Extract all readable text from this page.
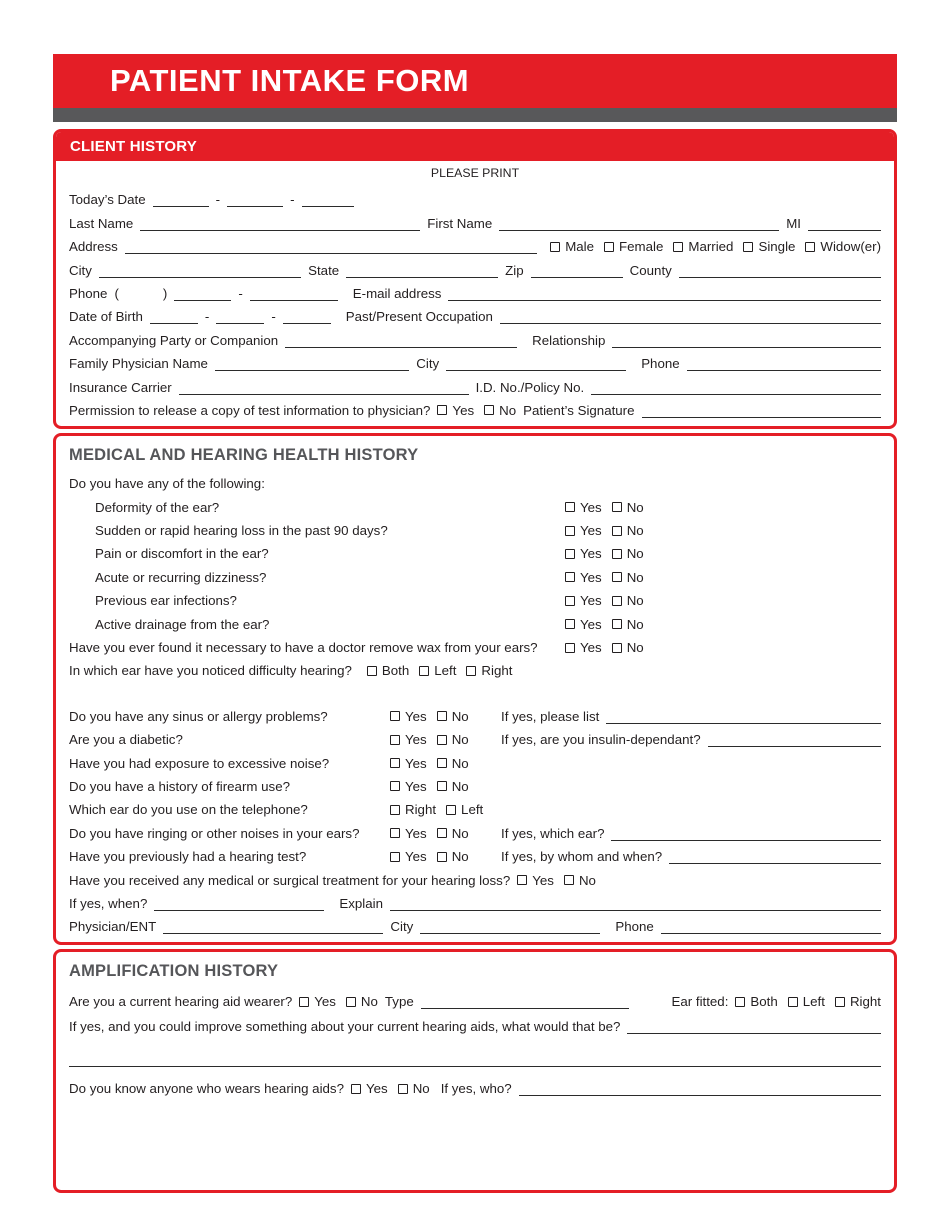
PATIENT INTAKE FORM
CLIENT HISTORY
PLEASE PRINT
Today’s Date	-	-
Last Name	First Name	MI
Address	Male Female Married Single Widow(er)
City	State	Zip	County
Phone (	)	-	E-mail address
Date of Birth	-	-	Past/Present Occupation
Accompanying Party or Companion	Relationship
Family Physician Name	City	Phone
Insurance Carrier	I.D. No./Policy No.
Permission to release a copy of test information to physician? Yes No Patient’s Signature
MEDICAL AND HEARING HEALTH HISTORY
Do you have any of the following:
Deformity of the ear?	Yes No
Sudden or rapid hearing loss in the past 90 days?	Yes No
Pain or discomfort in the ear?	Yes No
Acute or recurring dizziness?	Yes No
Previous ear infections?	Yes No
Active drainage from the ear?	Yes No
Have you ever found it necessary to have a doctor remove wax from your ears?	Yes No
In which ear have you noticed difficulty hearing? Both Left Right
Do you have any sinus or allergy problems?	Yes No If yes, please list
Are you a diabetic?	Yes No If yes, are you insulin-dependant?
Have you had exposure to excessive noise?	Yes No
Do you have a history of firearm use?	Yes No
Which ear do you use on the telephone?	Right Left
Do you have ringing or other noises in your ears?	Yes No If yes, which ear?
Have you previously had a hearing test?	Yes No If yes, by whom and when?
Have you received any medical or surgical treatment for your hearing loss? Yes No
If yes, when?	Explain
Physician/ENT	City	Phone
AMPLIFICATION HISTORY
Are you a current hearing aid wearer? Yes No Type	Ear fitted: Both Left Right
If yes, and you could improve something about your current hearing aids, what would that be?
Do you know anyone who wears hearing aids? Yes No If yes, who?
